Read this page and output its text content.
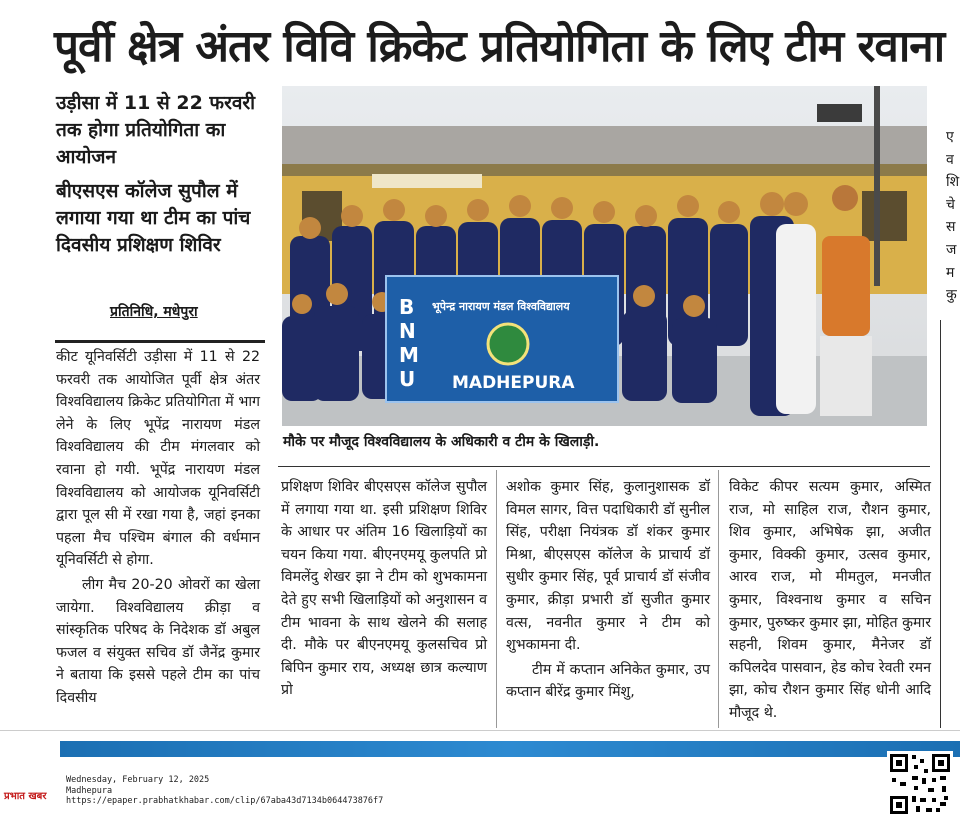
पूर्वी क्षेत्र अंतर विवि क्रिकेट प्रतियोगिता के लिए टीम रवाना
उड़ीसा में 11 से 22 फरवरी तक होगा प्रतियोगिता का आयोजन
बीएसएस कॉलेज सुपौल में लगाया गया था टीम का पांच दिवसीय प्रशिक्षण शिविर
प्रतिनिधि, मधेपुरा

कीट यूनिवर्सिटी उड़ीसा में 11 से 22 फरवरी तक आयोजित पूर्वी क्षेत्र अंतर विश्वविद्यालय क्रिकेट प्रतियोगिता में भाग लेने के लिए भूपेंद्र नारायण मंडल विश्वविद्यालय की टीम मंगलवार को रवाना हो गयी. भूपेंद्र नारायण मंडल विश्वविद्यालय को आयोजक यूनिवर्सिटी द्वारा पूल सी में रखा गया है, जहां इनका पहला मैच पश्चिम बंगाल की वर्धमान यूनिवर्सिटी से होगा.

लीग मैच 20-20 ओवरों का खेला जायेगा. विश्वविद्यालय क्रीड़ा व सांस्कृतिक परिषद के निदेशक डॉ अबुल फजल व संयुक्त सचिव डॉ जैनेंद्र कुमार ने बताया कि इससे पहले टीम का पांच दिवसीय

B
N
M
U
भूपेन्द्र नारायण मंडल विश्वविद्यालय
MADHEPURA
मौके पर मौजूद विश्वविद्यालय के अधिकारी व टीम के खिलाड़ी.

प्रशिक्षण शिविर बीएसएस कॉलेज सुपौल में लगाया गया था. इसी प्रशिक्षण शिविर के आधार पर अंतिम 16 खिलाड़ियों का चयन किया गया. बीएनएमयू कुलपति प्रो विमलेंदु शेखर झा ने टीम को शुभकामना देते हुए सभी खिलाड़ियों को अनुशासन व टीम भावना के साथ खेलने की सलाह दी. मौके पर बीएनएमयू कुलसचिव प्रो बिपिन कुमार राय, अध्यक्ष छात्र कल्याण प्रो

अशोक कुमार सिंह, कुलानुशासक डॉ विमल सागर, वित्त पदाधिकारी डॉ सुनील सिंह, परीक्षा नियंत्रक डॉ शंकर कुमार मिश्रा, बीएसएस कॉलेज के प्राचार्य डॉ सुधीर कुमार सिंह, पूर्व प्राचार्य डॉ संजीव कुमार, क्रीड़ा प्रभारी डॉ सुजीत कुमार वत्स, नवनीत कुमार ने टीम को शुभकामना दी.

टीम में कप्तान अनिकेत कुमार, उप कप्तान बीरेंद्र कुमार मिंशु,

विकेट कीपर सत्यम कुमार, अस्मित राज, मो साहिल राज, रौशन कुमार, शिव कुमार, अभिषेक झा, अजीत कुमार, विक्की कुमार, उत्सव कुमार, आरव राज, मो मीमतुल, मनजीत कुमार, विश्वनाथ कुमार व सचिन कुमार, पुरुष्कर कुमार झा, मोहित कुमार सहनी, शिवम कुमार, मैनेजर डॉ कपिलदेव पासवान, हेड कोच रेवती रमन झा, कोच रौशन कुमार सिंह धोनी आदि मौजूद थे.

ए
व
शि
चे
स
ज
म
कु
प्रभात खबर
Wednesday, February 12, 2025
Madhepura
https://epaper.prabhatkhabar.com/clip/67aba43d7134b064473876f7
